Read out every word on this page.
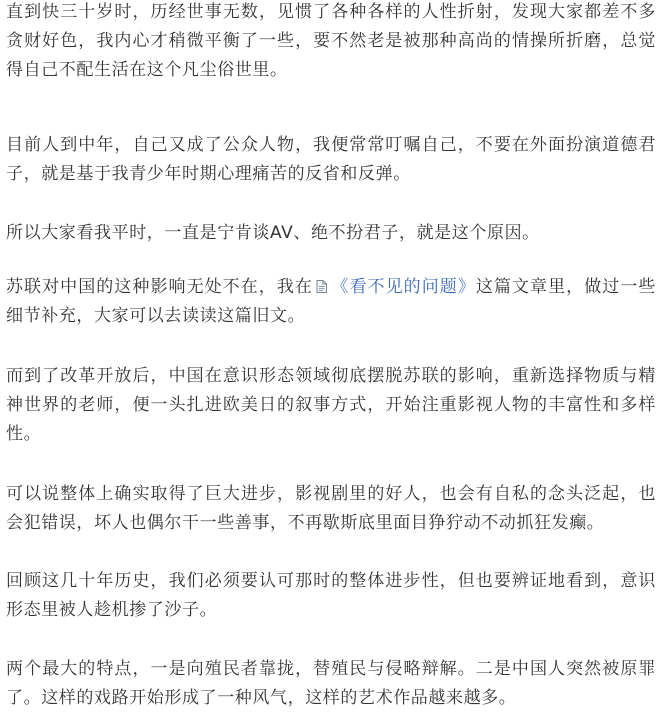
直到快三十岁时，历经世事无数，见惯了各种各样的人性折射，发现大家都差不多贪财好色，我内心才稍微平衡了一些，要不然老是被那种高尚的情操所折磨，总觉得自己不配生活在这个凡尘俗世里。

目前人到中年，自己又成了公众人物，我便常常叮嘱自己，不要在外面扮演道德君子，就是基于我青少年时期心理痛苦的反省和反弹。

所以大家看我平时，一直是宁肯谈AV、绝不扮君子，就是这个原因。

苏联对中国的这种影响无处不在，我在 《看不见的问题》这篇文章里，做过一些细节补充，大家可以去读读这篇旧文。

而到了改革开放后，中国在意识形态领域彻底摆脱苏联的影响，重新选择物质与精神世界的老师，便一头扎进欧美日的叙事方式，开始注重影视人物的丰富性和多样性。

可以说整体上确实取得了巨大进步，影视剧里的好人，也会有自私的念头泛起，也会犯错误，坏人也偶尔干一些善事，不再歇斯底里面目狰狞动不动抓狂发癫。

回顾这几十年历史，我们必须要认可那时的整体进步性，但也要辨证地看到，意识形态里被人趁机掺了沙子。

两个最大的特点，一是向殖民者靠拢，替殖民与侵略辩解。二是中国人突然被原罪了。这样的戏路开始形成了一种风气，这样的艺术作品越来越多。
